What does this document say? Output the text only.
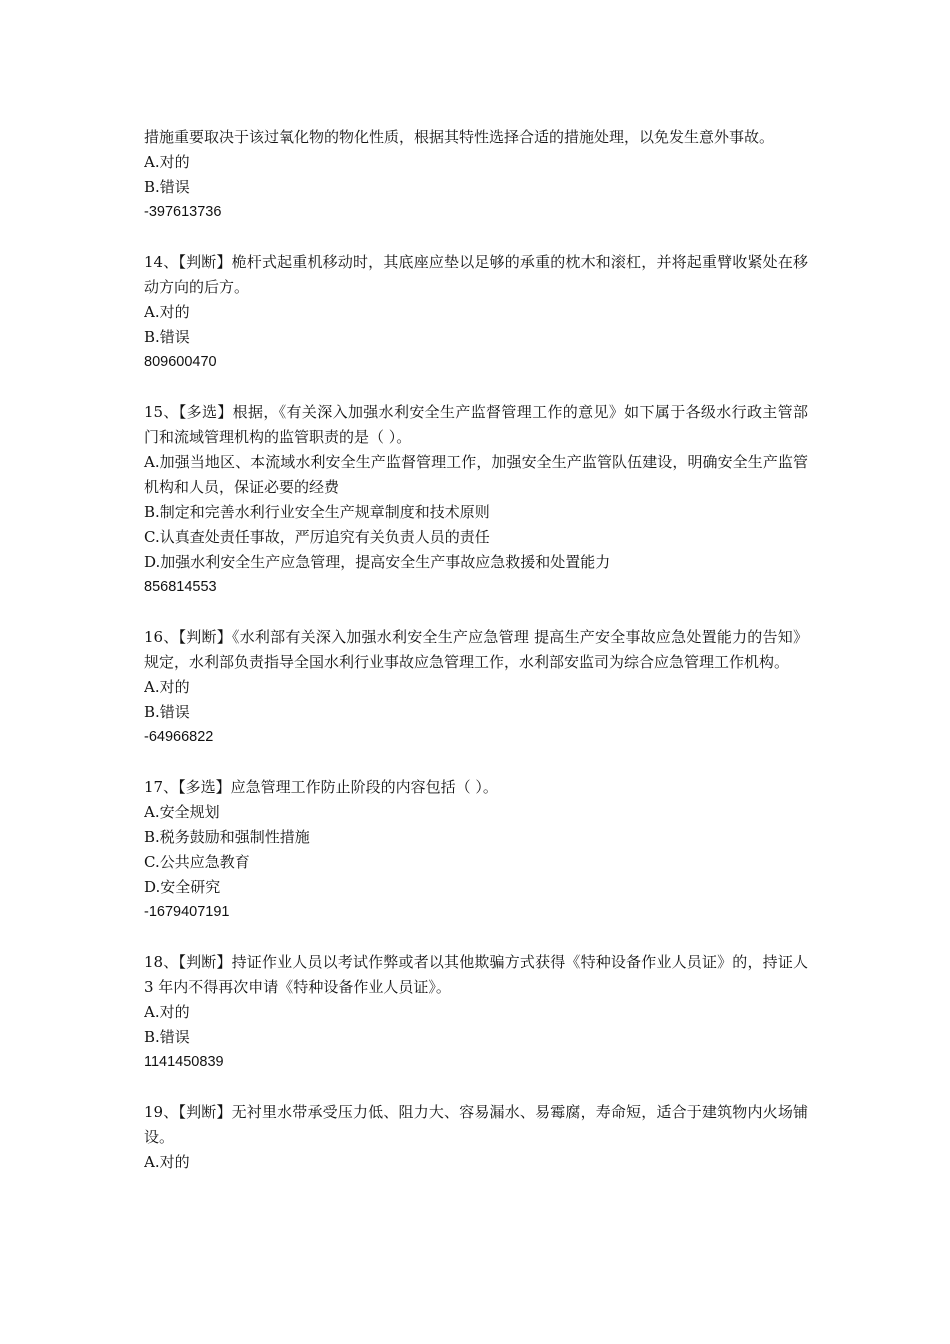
措施重要取决于该过氧化物的物化性质，根据其特性选择合适的措施处理，以免发生意外事故。
A.对的
B.错误
-397613736
14、【判断】桅杆式起重机移动时，其底座应垫以足够的承重的枕木和滚杠，并将起重臂收紧处在移动方向的后方。
A.对的
B.错误
809600470
15、【多选】根据，《有关深入加强水利安全生产监督管理工作的意见》如下属于各级水行政主管部门和流域管理机构的监管职责的是（ ）。
A.加强当地区、本流域水利安全生产监督管理工作，加强安全生产监管队伍建设，明确安全生产监管机构和人员，保证必要的经费
B.制定和完善水利行业安全生产规章制度和技术原则
C.认真查处责任事故，严厉追究有关负责人员的责任
D.加强水利安全生产应急管理，提高安全生产事故应急救援和处置能力
856814553
16、【判断】《水利部有关深入加强水利安全生产应急管理 提高生产安全事故应急处置能力的告知》规定，水利部负责指导全国水利行业事故应急管理工作，水利部安监司为综合应急管理工作机构。
A.对的
B.错误
-64966822
17、【多选】应急管理工作防止阶段的内容包括（ ）。
A.安全规划
B.税务鼓励和强制性措施
C.公共应急教育
D.安全研究
-1679407191
18、【判断】持证作业人员以考试作弊或者以其他欺骗方式获得《特种设备作业人员证》的，持证人 3 年内不得再次申请《特种设备作业人员证》。
A.对的
B.错误
1141450839
19、【判断】无衬里水带承受压力低、阻力大、容易漏水、易霉腐，寿命短，适合于建筑物内火场铺设。
A.对的
